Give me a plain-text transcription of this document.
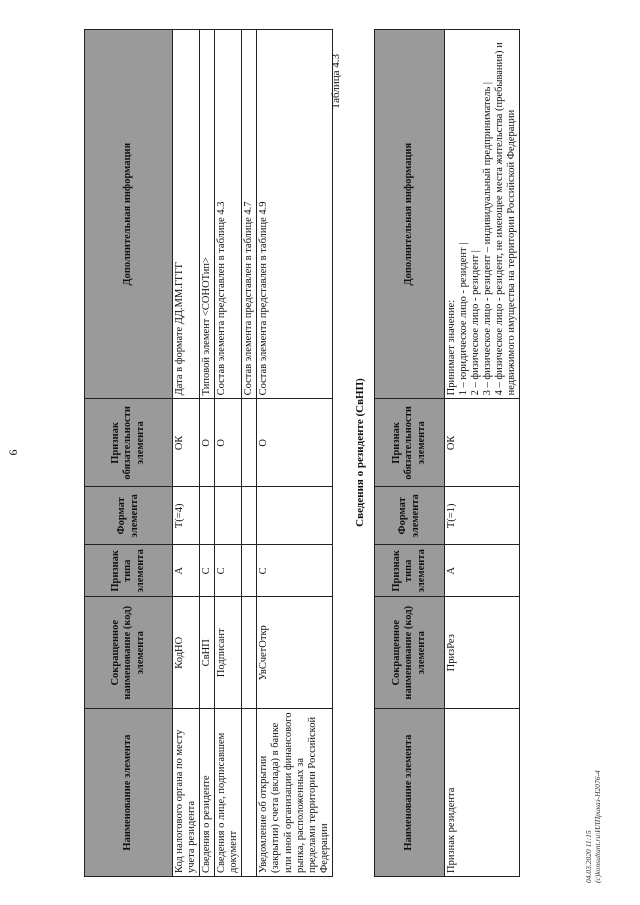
6
Наименование элемента	Сокращенное наименование (код) элемента	Признак типа элемента	Формат элемента	Признак обязательности элемента	Дополнительная информация
Код налогового органа по месту учета резидента	КодНО	А	T(=4)	ОК	Дата в формате ДД.ММ.ГГГГ
Сведения о резиденте	СвНП	С		О	Типовой элемент <СОНОТип>
Сведения о лице, подписавшем документ	Подписант	С		О	Состав элемента представлен в таблице 4.3
					Состав элемента представлен в таблице 4.7
Уведомление об открытии (закрытии) счета (вклада) в банке или иной организации финансового рынка, расположенных за пределами территории Российской Федерации	УвСчетОткр	С		О	Состав элемента представлен в таблице 4.9
Таблица 4.3
Сведения о резиденте (СвНП)
Наименование элемента	Сокращенное наименование (код) элемента	Признак типа элемента	Формат элемента	Признак обязательности элемента	Дополнительная информация
Признак резидента	ПризРез	А	T(=1)	ОК	Принимает значение:
1 – юридическое лицо - резидент |
2 – физическое лицо - резидент |
3 – физическое лицо - резидент – индивидуальный предприниматель |
4 – физическое лицо - резидент, не имеющее места жительства (пребывания) и недвижимого имущества на территории Российской Федерации
04.03.2020 11:15 (c)konsultant.ru\ИЛПриказ-Н2076-4
